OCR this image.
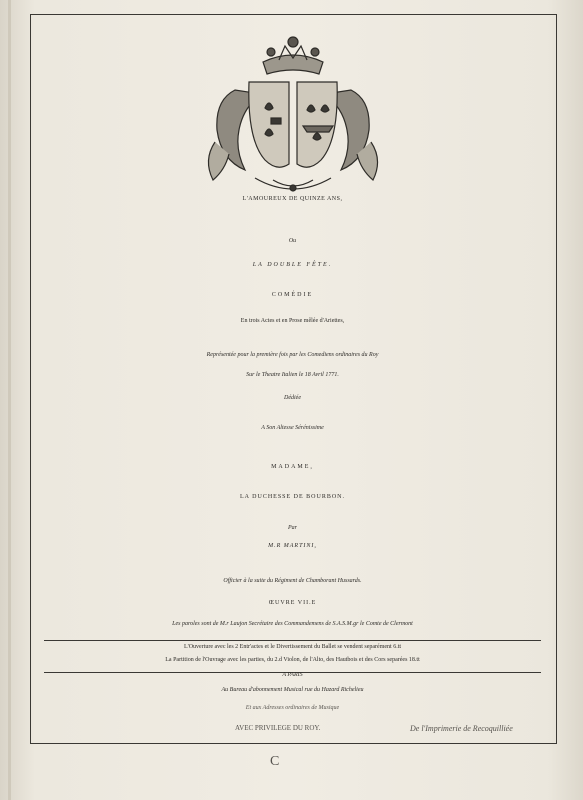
L'AMOUREUX DE QUINZE ANS,
Ou
LA DOUBLE FÊTE.
COMÉDIE
En trois Actes et en Prose mêlée d'Ariettes,
Représentée pour la première fois par les Comediens ordinaires du Roy
Sur le Theatre Italien le 18 Avril 1771.
Dédiée
A Son Altesse Sérénissime
MADAME,
LA DUCHESSE DE BOURBON.
Par
M.R MARTINI,
Officier à la suite du Régiment de Chamborant Hussards.
ŒUVRE VII.E
Les paroles sont de M.r Laujon Secrétaire des Commandemens de S.A.S.M.gr le Comte de Clermont
L'Ouverture avec les 2 Entr'actes et le Divertissement du Ballet se vendent separément 6.tt
La Partition de l'Ouvrage avec les parties, du 2.d Violon, de l'Alto, des Hautbois et des Cors separées 18.tt
A PARIS
Au Bureau d'abonnement Musical rue du Hazard Richelieu
Et aux Adresses ordinaires de Musique
AVEC PRIVILEGE DU ROY.	De l'Imprimerie de Recoquilliée
C
